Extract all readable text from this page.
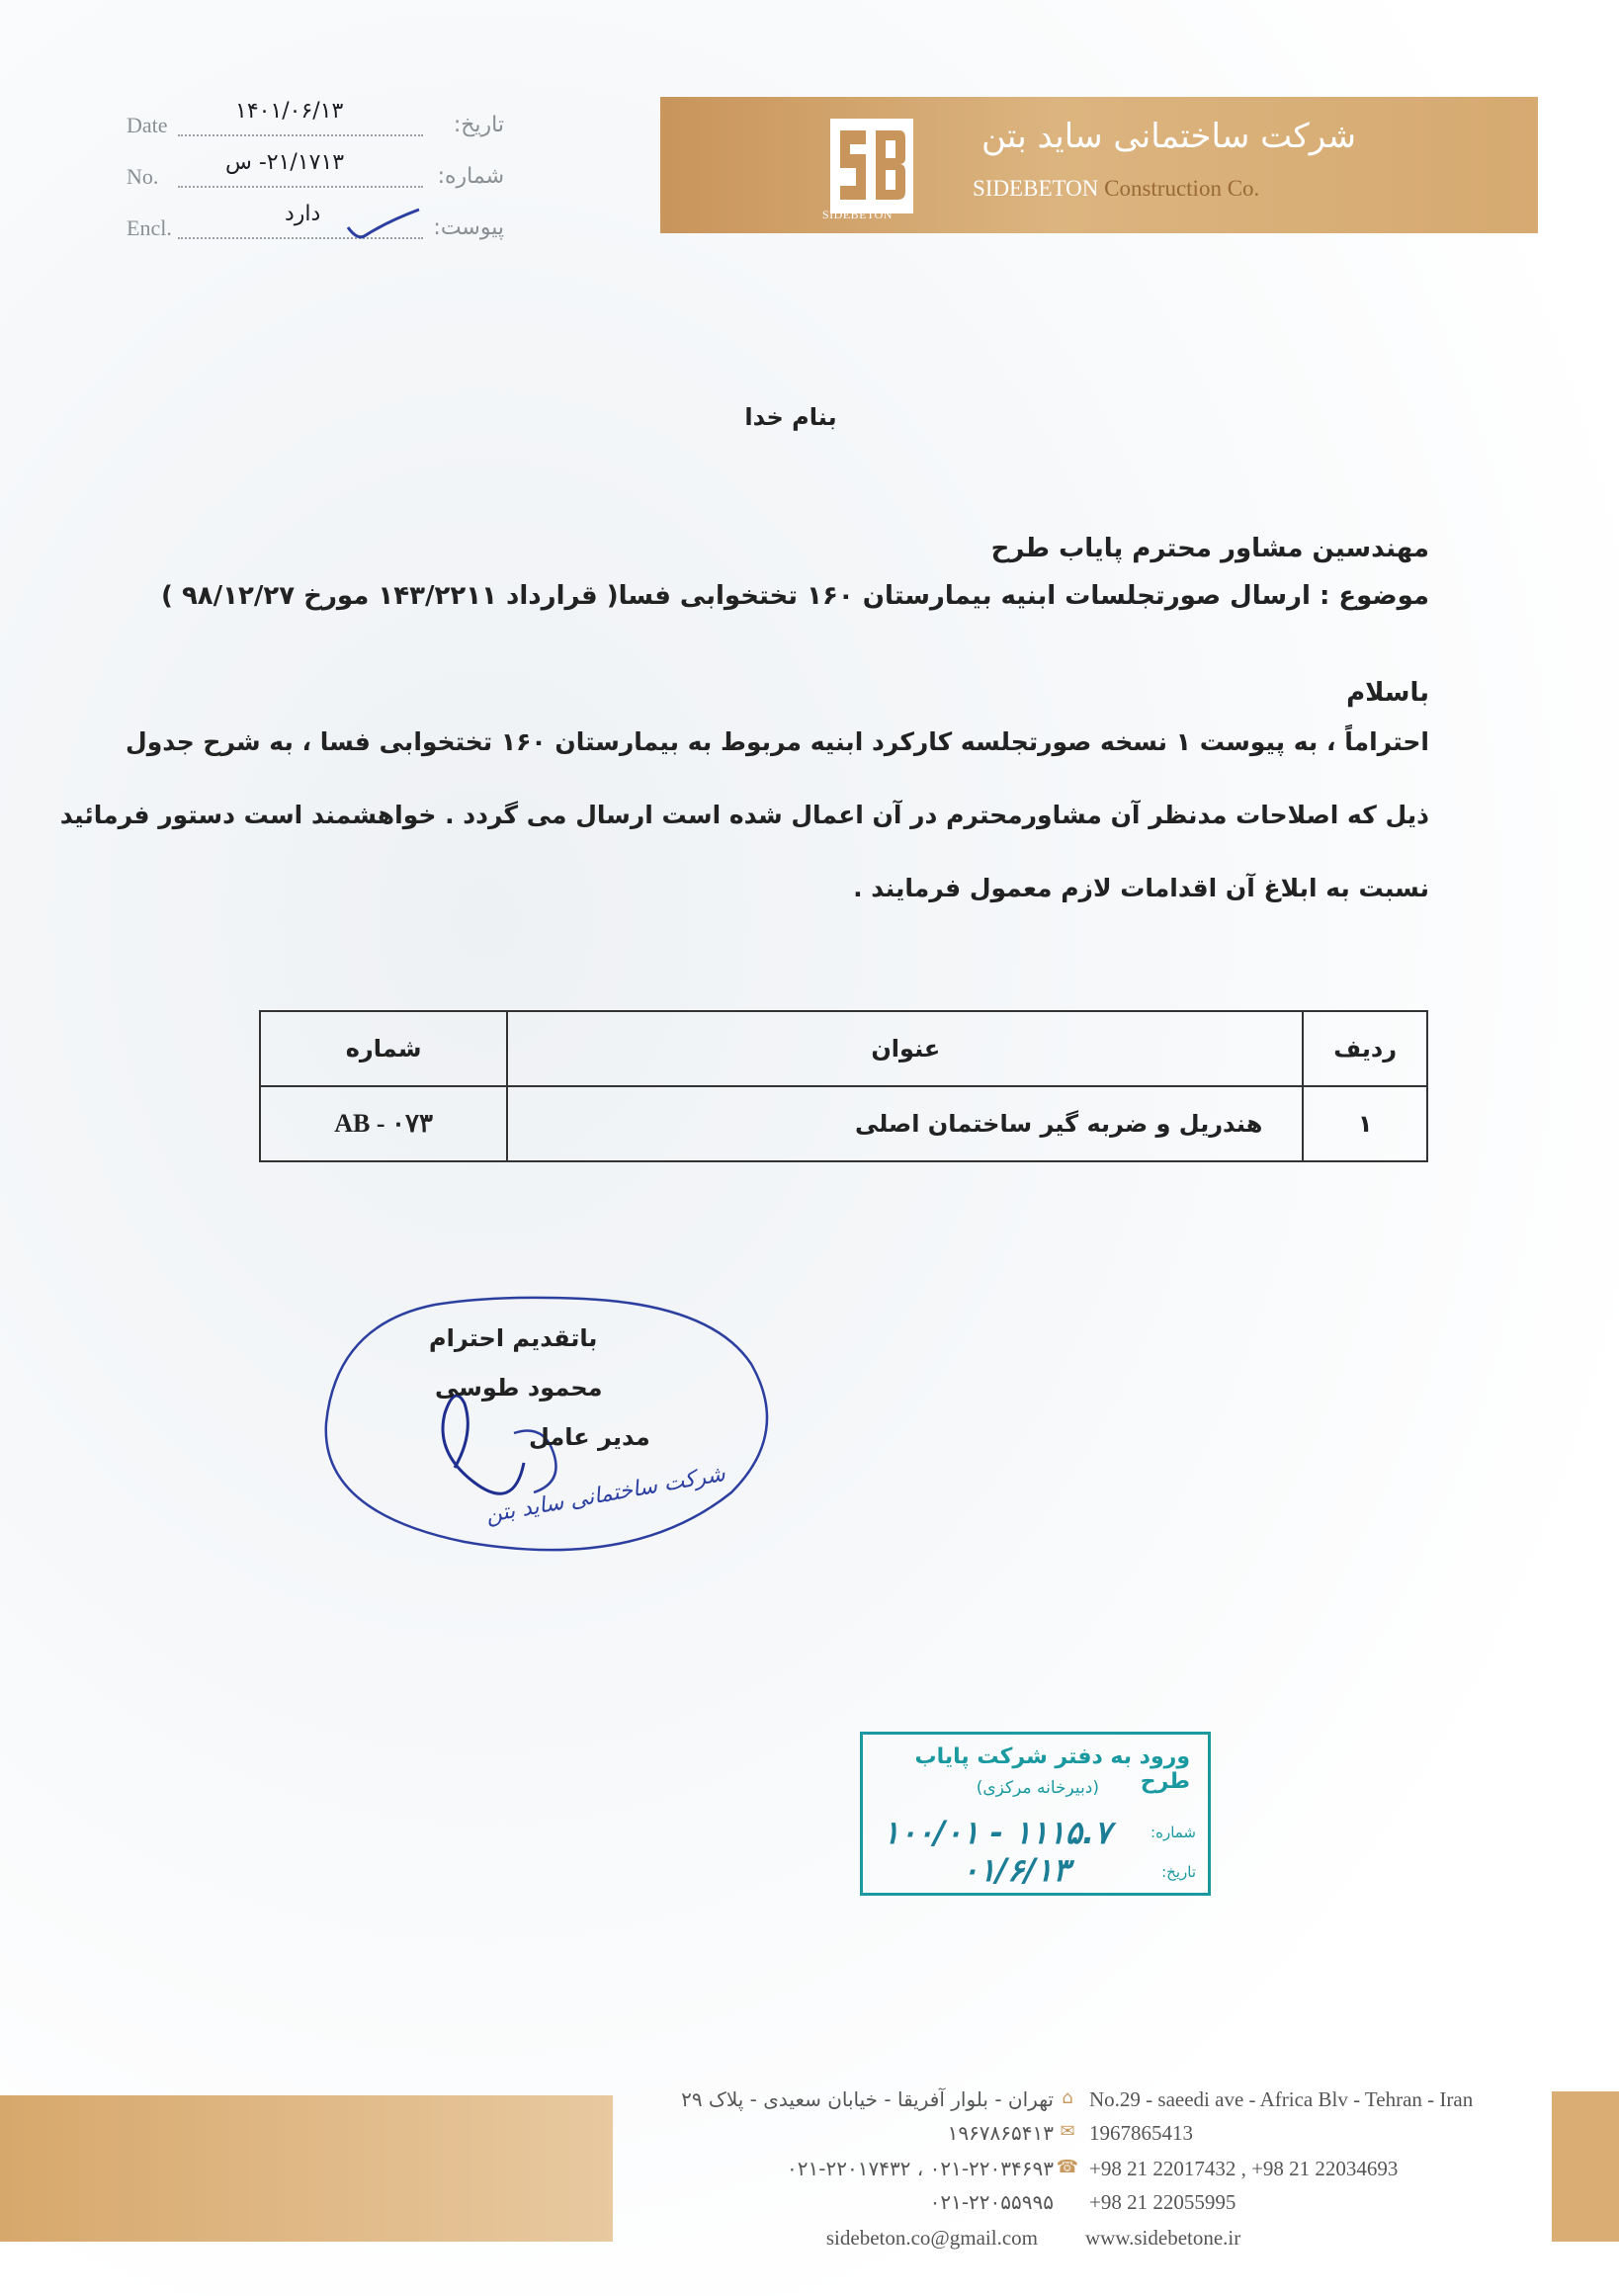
Date
۱۴۰۱/۰۶/۱۳
تاریخ:
No.
۲۱/۱۷۱۳- س
شماره:
Encl.
دارد
پیوست:
SIDEBETON
شرکت ساختمانی ساید بتن
SIDEBETON Construction Co.
بنام خدا
مهندسین مشاور محترم پایاب طرح
موضوع : ارسال صورتجلسات ابنیه بیمارستان ۱۶۰ تختخوابی فسا( قرارداد ۱۴۳/۲۲۱۱ مورخ ۹۸/۱۲/۲۷ )
باسلام
احتراماً ، به پیوست ۱ نسخه صورتجلسه کارکرد ابنیه مربوط به بیمارستان ۱۶۰ تختخوابی فسا ، به شرح جدول
ذیل که اصلاحات مدنظر آن مشاورمحترم در آن اعمال شده است ارسال می گردد . خواهشمند است دستور فرمائید
نسبت به ابلاغ آن اقدامات لازم معمول فرمایند .
ردیف	عنوان	شماره
۱	هندریل و ضربه گیر ساختمان اصلی	AB - ۰۷۳
باتقدیم احترام
محمود طوسی
مدیر عامل
شرکت ساختمانی ساید بتن
ورود به دفتر شرکت پایاب طرح
(دبیرخانه مرکزی)
شماره:
۱۰۰/۰۱ - ۱۱۱۵.۷
تاریخ:
۰۱/۶/۱۳
تهران - بلوار آفریقا - خیابان سعیدی - پلاک ۲۹ ⌂ No.29 - saeedi ave - Africa Blv - Tehran - Iran
۱۹۶۷۸۶۵۴۱۳ ✉ 1967865413
۰۲۱-۲۲۰۳۴۶۹۳ ، ۰۲۱-۲۲۰۱۷۴۳۲ ☎ +98 21 22017432 , +98 21 22034693
۰۲۱-۲۲۰۵۵۹۹۵ +98 21 22055995
sidebeton.co@gmail.com www.sidebetone.ir
